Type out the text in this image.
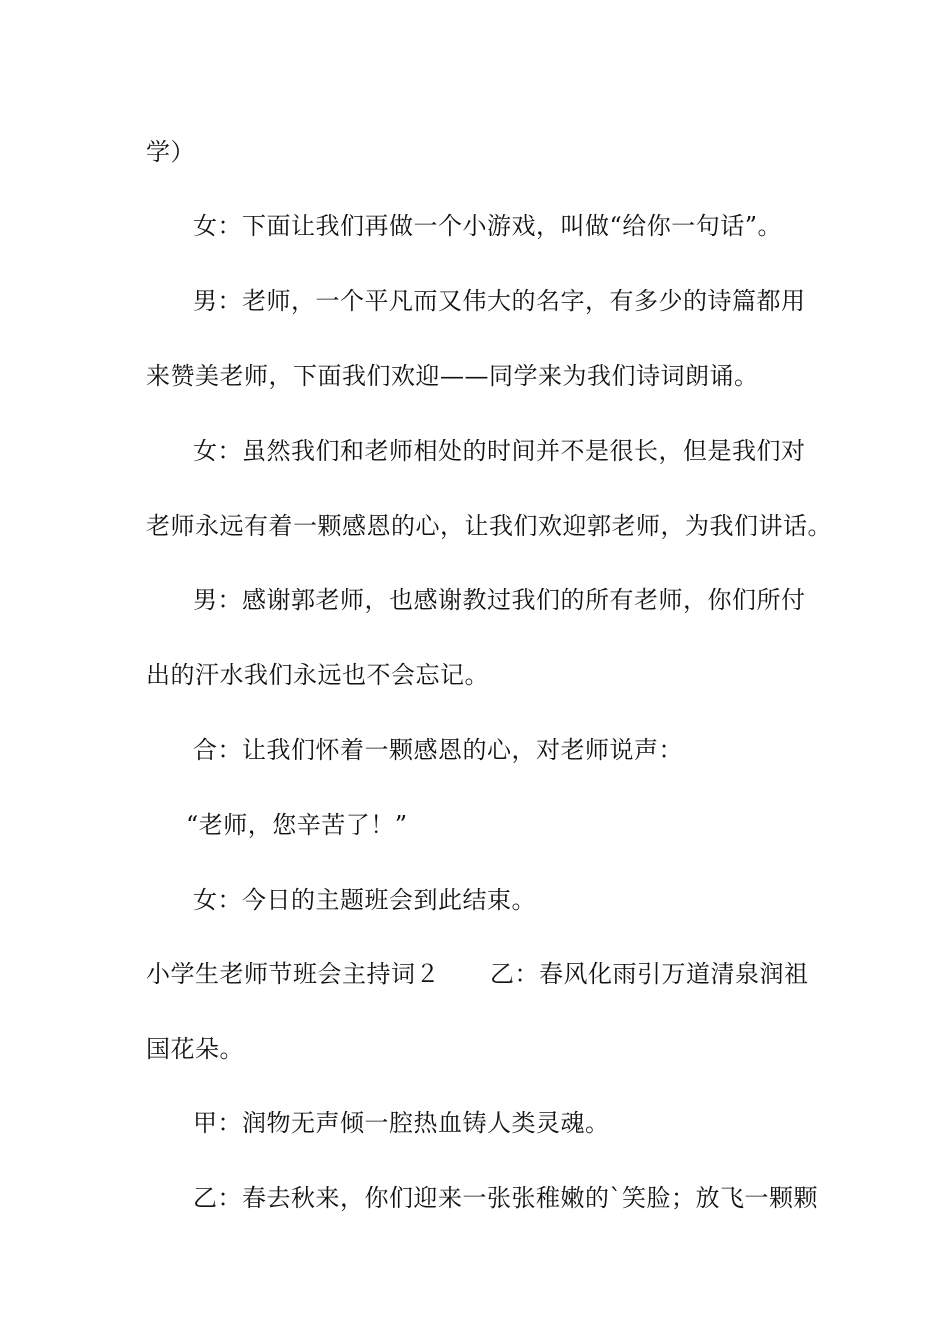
学）
女：下面让我们再做一个小游戏，叫做“给你一句话”。
男：老师，一个平凡而又伟大的名字，有多少的诗篇都用
来赞美老师，下面我们欢迎——同学来为我们诗词朗诵。
女：虽然我们和老师相处的时间并不是很长，但是我们对
老师永远有着一颗感恩的心，让我们欢迎郭老师，为我们讲话。
男：感谢郭老师，也感谢教过我们的所有老师，你们所付
出的汗水我们永远也不会忘记。
合：让我们怀着一颗感恩的心，对老师说声：
“老师，您辛苦了！”
女：今日的主题班会到此结束。
小学生老师节班会主持词２ 乙：春风化雨引万道清泉润祖
国花朵。
甲：润物无声倾一腔热血铸人类灵魂。
乙：春去秋来，你们迎来一张张稚嫩的`笑脸；放飞一颗颗
